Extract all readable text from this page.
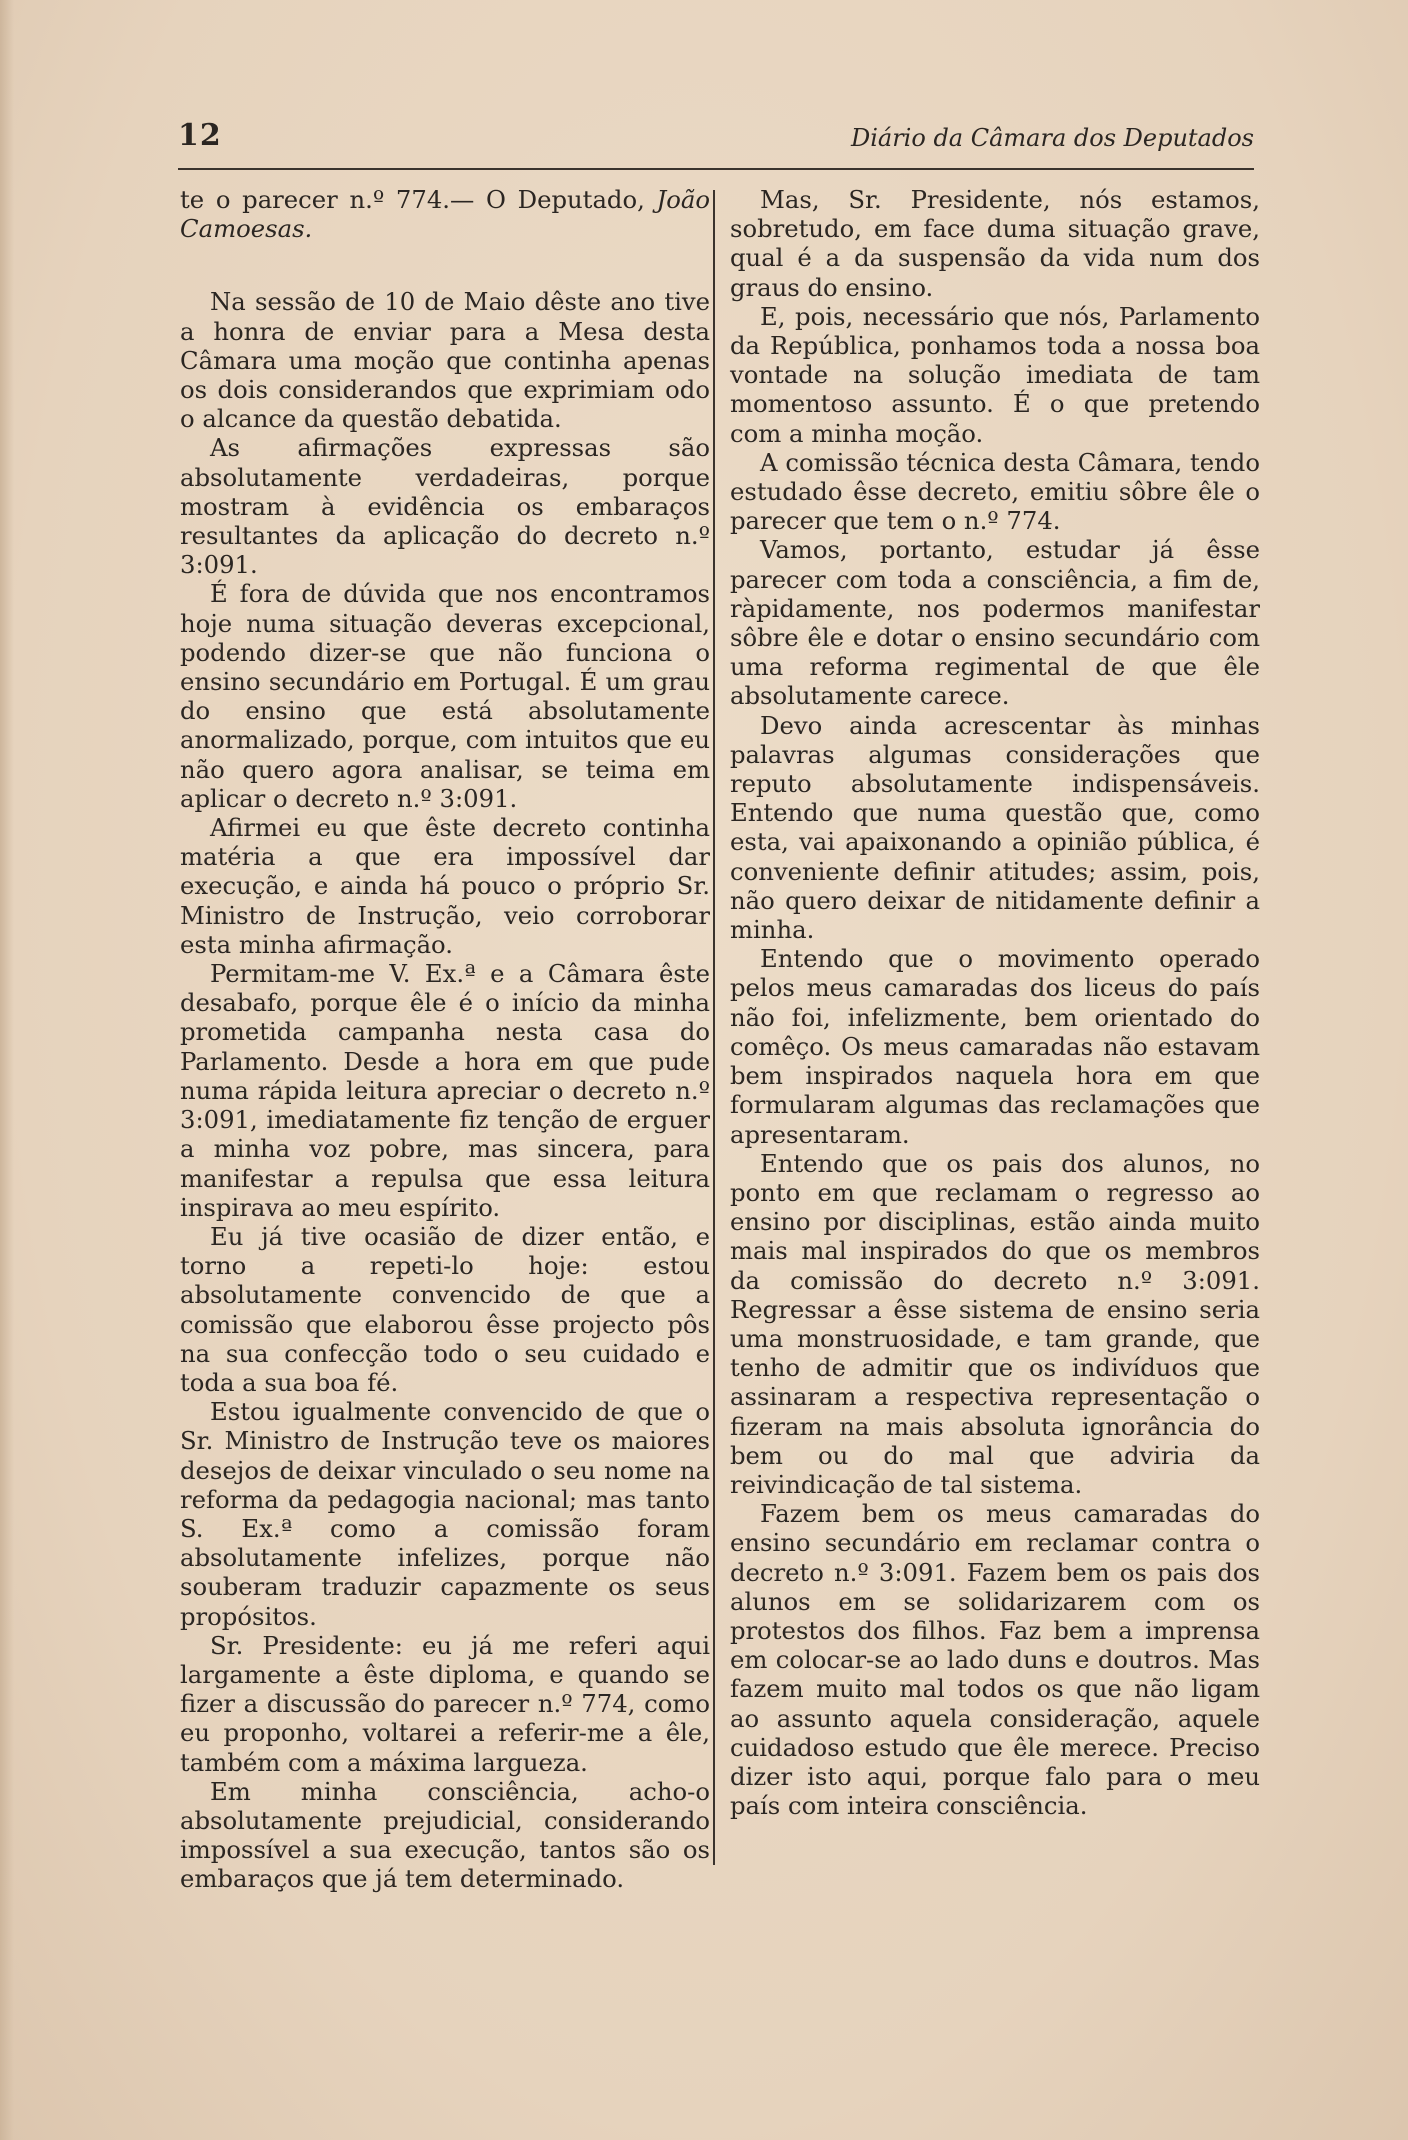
12	Diário da Câmara dos Deputados

te o parecer n.º 774.— O Deputado, João Camoesas.

Na sessão de 10 de Maio dêste ano tive a honra de enviar para a Mesa desta Câmara uma moção que continha apenas os dois considerandos que exprimiam odo o alcance da questão debatida.

As afirmações expressas são absolutamente verdadeiras, porque mostram à evidência os embaraços resultantes da aplicação do decreto n.º 3:091.

É fora de dúvida que nos encontramos hoje numa situação deveras excepcional, podendo dizer-se que não funciona o ensino secundário em Portugal. É um grau do ensino que está absolutamente anormalizado, porque, com intuitos que eu não quero agora analisar, se teima em aplicar o decreto n.º 3:091.

Afirmei eu que êste decreto continha matéria a que era impossível dar execução, e ainda há pouco o próprio Sr. Ministro de Instrução, veio corroborar esta minha afirmação.

Permitam-me V. Ex.ª e a Câmara êste desabafo, porque êle é o início da minha prometida campanha nesta casa do Parlamento. Desde a hora em que pude numa rápida leitura apreciar o decreto n.º 3:091, imediatamente fiz tenção de erguer a minha voz pobre, mas sincera, para manifestar a repulsa que essa leitura inspirava ao meu espírito.

Eu já tive ocasião de dizer então, e torno a repeti-lo hoje: estou absolutamente convencido de que a comissão que elaborou êsse projecto pôs na sua confecção todo o seu cuidado e toda a sua boa fé.

Estou igualmente convencido de que o Sr. Ministro de Instrução teve os maiores desejos de deixar vinculado o seu nome na reforma da pedagogia nacional; mas tanto S. Ex.ª como a comissão foram absolutamente infelizes, porque não souberam traduzir capazmente os seus propósitos.

Sr. Presidente: eu já me referi aqui largamente a êste diploma, e quando se fizer a discussão do parecer n.º 774, como eu proponho, voltarei a referir-me a êle, também com a máxima largueza.

Em minha consciência, acho-o absolutamente prejudicial, considerando impossível a sua execução, tantos são os embaraços que já tem determinado.

Mas, Sr. Presidente, nós estamos, sobretudo, em face duma situação grave, qual é a da suspensão da vida num dos graus do ensino.

E, pois, necessário que nós, Parlamento da República, ponhamos toda a nossa boa vontade na solução imediata de tam momentoso assunto. É o que pretendo com a minha moção.

A comissão técnica desta Câmara, tendo estudado êsse decreto, emitiu sôbre êle o parecer que tem o n.º 774.

Vamos, portanto, estudar já êsse parecer com toda a consciência, a fim de, ràpidamente, nos podermos manifestar sôbre êle e dotar o ensino secundário com uma reforma regimental de que êle absolutamente carece.

Devo ainda acrescentar às minhas palavras algumas considerações que reputo absolutamente indispensáveis. Entendo que numa questão que, como esta, vai apaixonando a opinião pública, é conveniente definir atitudes; assim, pois, não quero deixar de nitidamente definir a minha.

Entendo que o movimento operado pelos meus camaradas dos liceus do país não foi, infelizmente, bem orientado do comêço. Os meus camaradas não estavam bem inspirados naquela hora em que formularam algumas das reclamações que apresentaram.

Entendo que os pais dos alunos, no ponto em que reclamam o regresso ao ensino por disciplinas, estão ainda muito mais mal inspirados do que os membros da comissão do decreto n.º 3:091. Regressar a êsse sistema de ensino seria uma monstruosidade, e tam grande, que tenho de admitir que os indivíduos que assinaram a respectiva representação o fizeram na mais absoluta ignorância do bem ou do mal que adviria da reivindicação de tal sistema.

Fazem bem os meus camaradas do ensino secundário em reclamar contra o decreto n.º 3:091. Fazem bem os pais dos alunos em se solidarizarem com os protestos dos filhos. Faz bem a imprensa em colocar-se ao lado duns e doutros. Mas fazem muito mal todos os que não ligam ao assunto aquela consideração, aquele cuidadoso estudo que êle merece. Preciso dizer isto aqui, porque falo para o meu país com inteira consciência.
